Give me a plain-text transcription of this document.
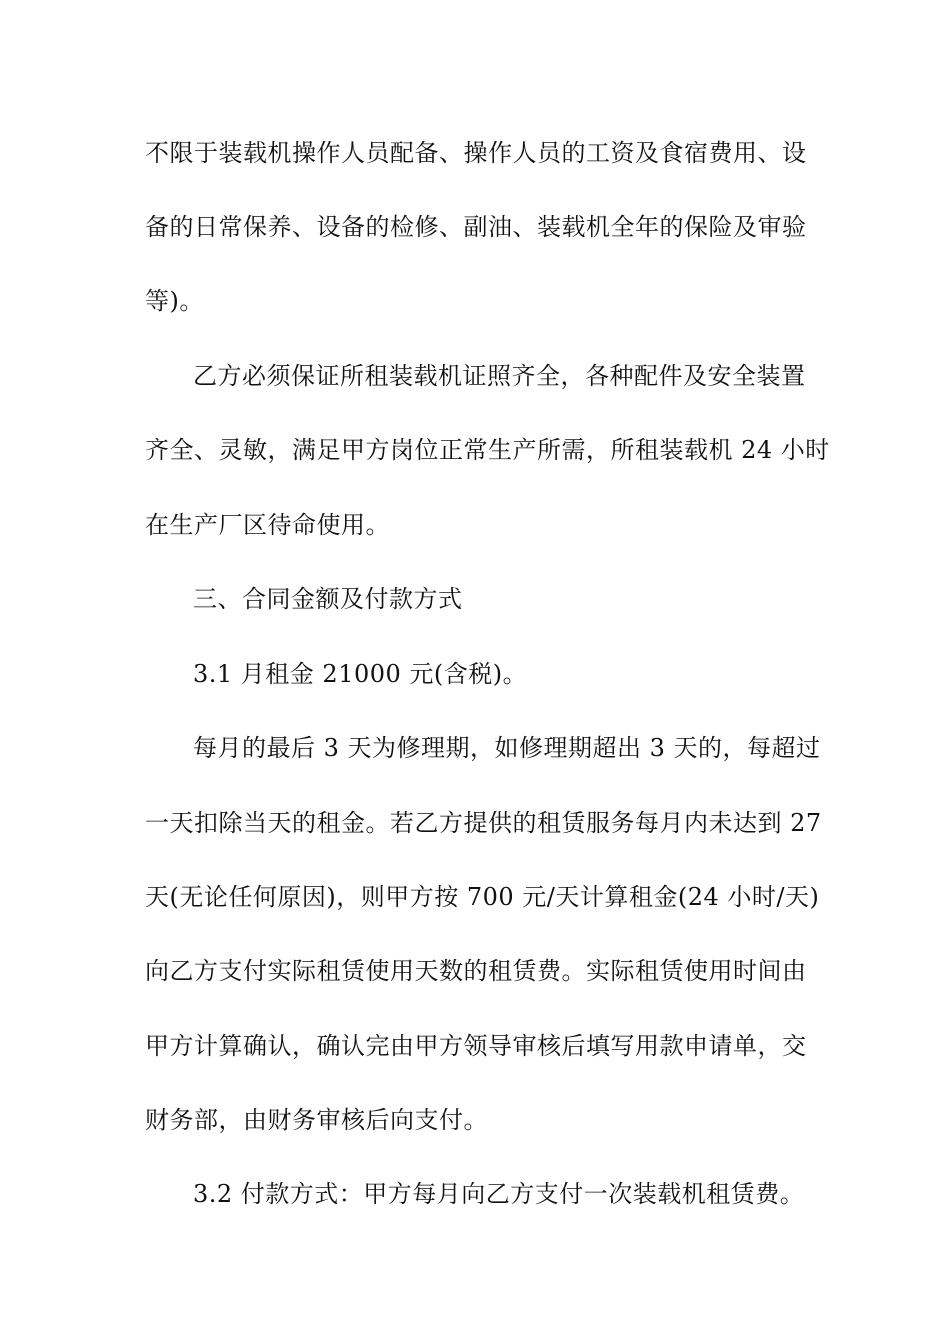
不限于装载机操作人员配备、操作人员的工资及食宿费用、设
备的日常保养、设备的检修、副油、装载机全年的保险及审验
等)。
乙方必须保证所租装载机证照齐全，各种配件及安全装置
齐全、灵敏，满足甲方岗位正常生产所需，所租装载机 24 小时
在生产厂区待命使用。
三、合同金额及付款方式
3.1 月租金 21000 元(含税)。
每月的最后 3 天为修理期，如修理期超出 3 天的，每超过
一天扣除当天的租金。若乙方提供的租赁服务每月内未达到 27
天(无论任何原因)，则甲方按 700 元/天计算租金(24 小时/天)
向乙方支付实际租赁使用天数的租赁费。实际租赁使用时间由
甲方计算确认，确认完由甲方领导审核后填写用款申请单，交
财务部，由财务审核后向支付。
3.2 付款方式：甲方每月向乙方支付一次装载机租赁费。
